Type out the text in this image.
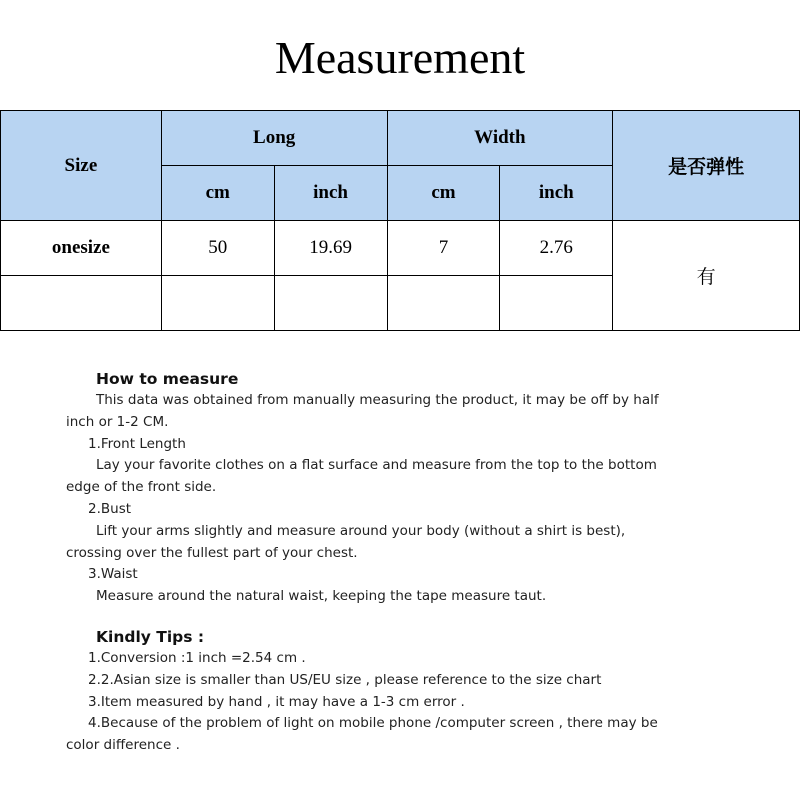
Measurement
Size	Long		Width		是否弹性
	cm	inch	cm	inch	
onesize	50	19.69	7	2.76	有

How to measure

This data was obtained from manually measuring the product, it may be off by half inch or 1-2 CM.

1.Front Length

Lay your favorite clothes on a flat surface and measure from the top to the bottom edge of the front side.

2.Bust

Lift your arms slightly and measure around your body (without a shirt is best), crossing over the fullest part of your chest.

3.Waist

Measure around the natural waist, keeping the tape measure taut.

Kindly Tips :

1.Conversion :1 inch =2.54 cm .

2.2.Asian size is smaller than US/EU size , please reference to the size chart

3.Item measured by hand , it may have a 1-3 cm error .

4.Because of the problem of light on mobile phone /computer screen , there may be color difference .
